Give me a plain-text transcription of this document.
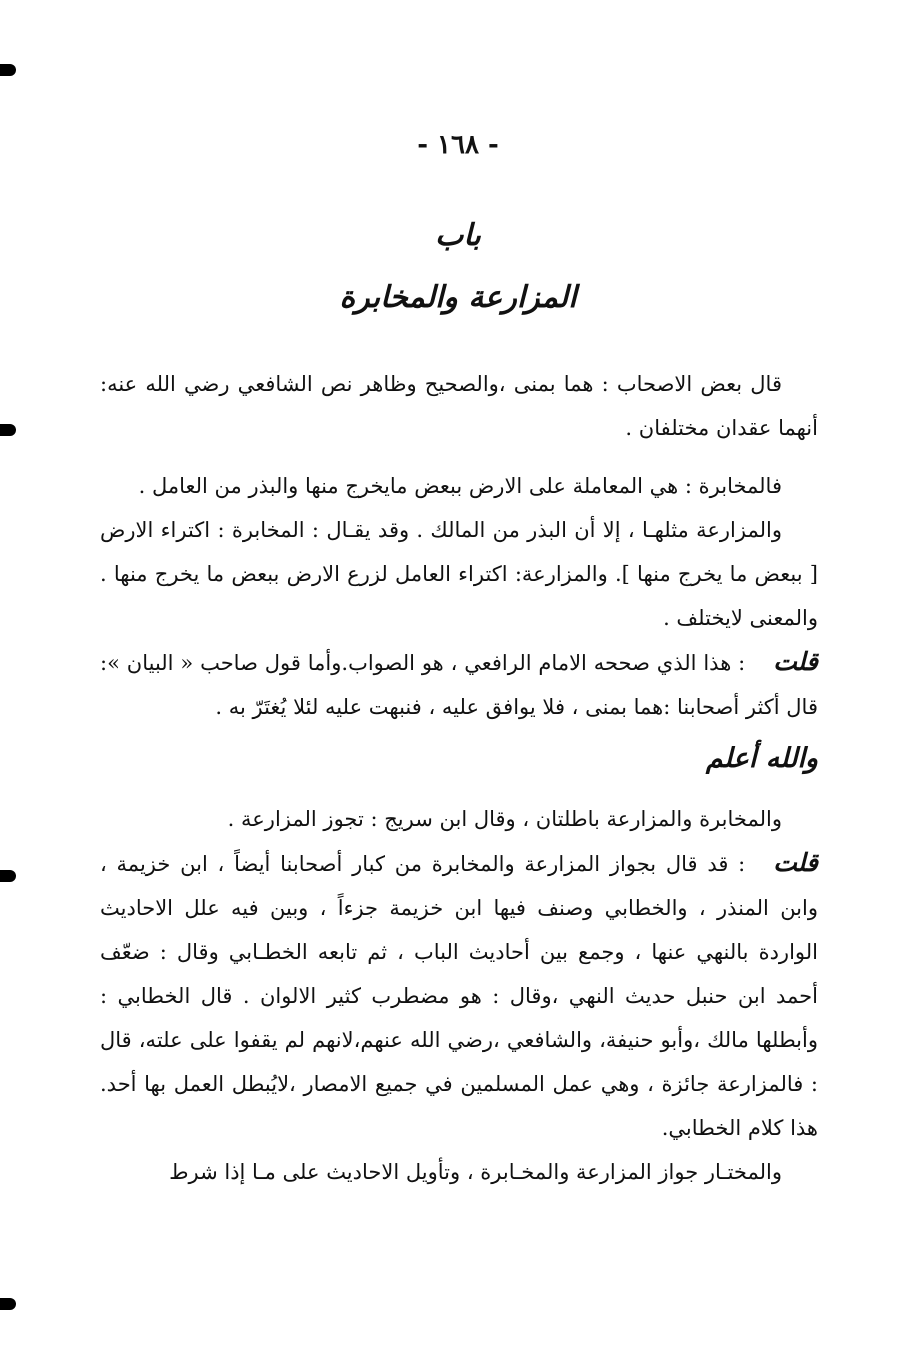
- ١٦٨ -
باب
المزارعة والمخابرة

قال بعض الاصحاب : هما بمنى ،والصحيح وظاهر نص الشافعي رضي الله عنه: أنهما عقدان مختلفان .

فالمخابرة : هي المعاملة على الارض ببعض مايخرج منها والبذر من العامل .

والمزارعة مثلهـا ، إلا أن البذر من المالك . وقد يقـال : المخابرة : اكتراء الارض [ ببعض ما يخرج منها ]. والمزارعة: اكتراء العامل لزرع الارض ببعض ما يخرج منها . والمعنى لايختلف .

قلت: هذا الذي صححه الامام الرافعي ، هو الصواب.وأما قول صاحب « البيان »: قال أكثر أصحابنا :هما بمنى ، فلا يوافق عليه ، فنبهت عليه لئلا يُغتَرّ به .

والله أعلم

والمخابرة والمزارعة باطلتان ، وقال ابن سريج : تجوز المزارعة .

قلت: قد قال بجواز المزارعة والمخابرة من كبار أصحابنا أيضاً ، ابن خزيمة ، وابن المنذر ، والخطابي وصنف فيها ابن خزيمة جزءاً ، وبين فيه علل الاحاديث الواردة بالنهي عنها ، وجمع بين أحاديث الباب ، ثم تابعه الخطـابي وقال : ضعّف أحمد ابن حنبل حديث النهي ،وقال : هو مضطرب كثير الالوان . قال الخطابي : وأبطلها مالك ،وأبو حنيفة، والشافعي ،رضي الله عنهم،لانهم لم يقفوا على علته، قال : فالمزارعة جائزة ، وهي عمل المسلمين في جميع الامصار ،لايُبطل العمل بها أحد. هذا كلام الخطابي.

والمختـار جواز المزارعة والمخـابرة ، وتأويل الاحاديث على مـا إذا شرط
